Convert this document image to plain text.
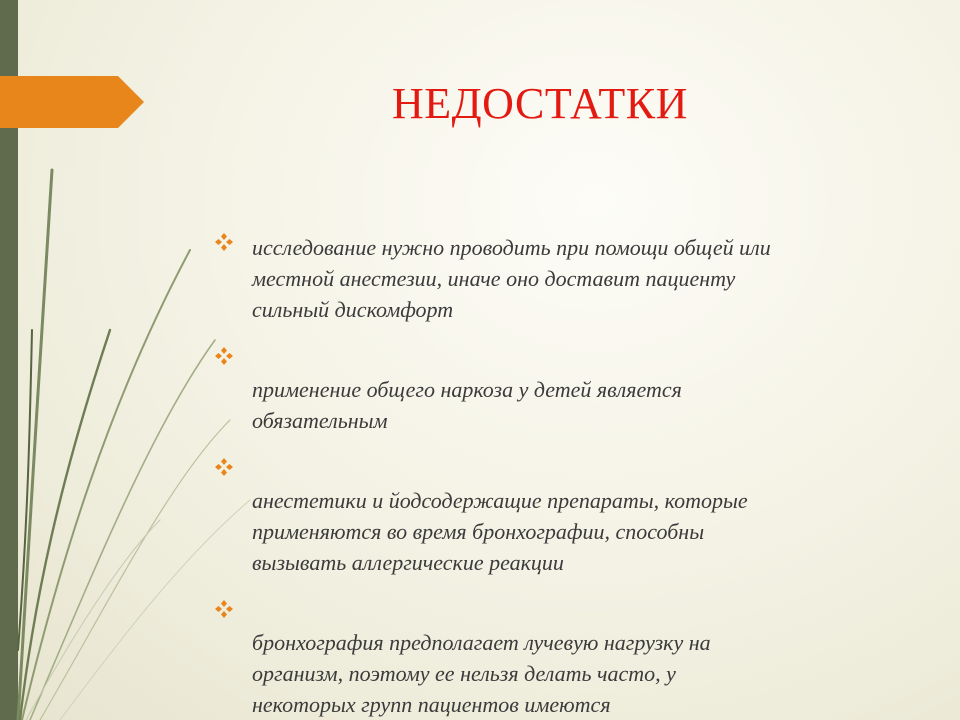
НЕДОСТАТКИ
исследование нужно проводить при помощи общей или
местной анестезии, иначе оно доставит пациенту
сильный дискомфорт
применение общего наркоза у детей является
обязательным
анестетики и йодсодержащие препараты, которые
применяются во время бронхографии, способны
вызывать аллергические реакции
бронхография предполагает лучевую нагрузку на
организм, поэтому ее нельзя делать часто, у
некоторых групп пациентов имеются
